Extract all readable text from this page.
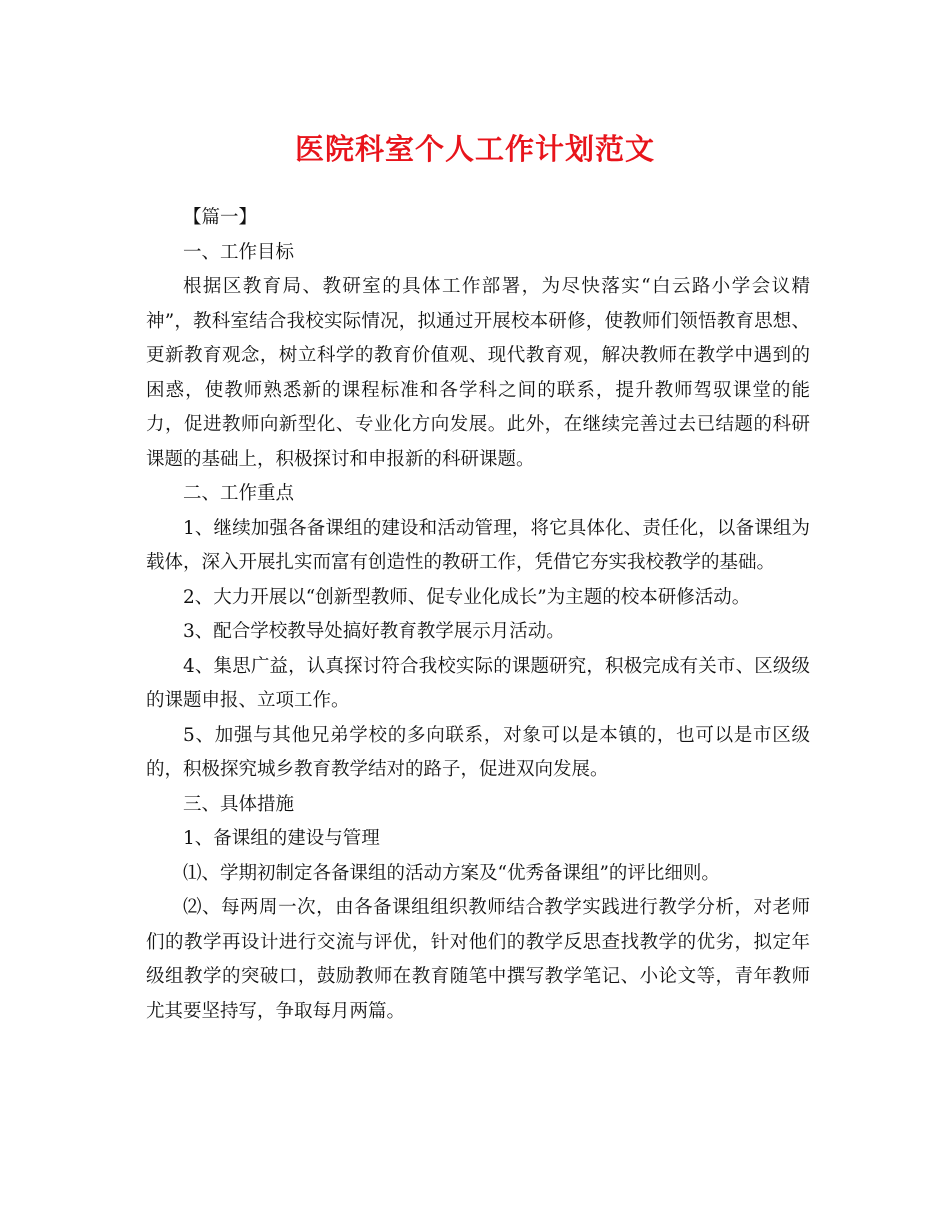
医院科室个人工作计划范文

【篇一】

一、工作目标

根据区教育局、教研室的具体工作部署，为尽快落实“白云路小学会议精神”，教科室结合我校实际情况，拟通过开展校本研修，使教师们领悟教育思想、更新教育观念，树立科学的教育价值观、现代教育观，解决教师在教学中遇到的困惑，使教师熟悉新的课程标准和各学科之间的联系，提升教师驾驭课堂的能力，促进教师向新型化、专业化方向发展。此外，在继续完善过去已结题的科研课题的基础上，积极探讨和申报新的科研课题。

二、工作重点

1、继续加强各备课组的建设和活动管理，将它具体化、责任化，以备课组为载体，深入开展扎实而富有创造性的教研工作，凭借它夯实我校教学的基础。

2、大力开展以“创新型教师、促专业化成长”为主题的校本研修活动。

3、配合学校教导处搞好教育教学展示月活动。

4、集思广益，认真探讨符合我校实际的课题研究，积极完成有关市、区级级的课题申报、立项工作。

5、加强与其他兄弟学校的多向联系，对象可以是本镇的，也可以是市区级的，积极探究城乡教育教学结对的路子，促进双向发展。

三、具体措施

1、备课组的建设与管理

⑴、学期初制定各备课组的活动方案及“优秀备课组”的评比细则。

⑵、每两周一次，由各备课组组织教师结合教学实践进行教学分析，对老师们的教学再设计进行交流与评优，针对他们的教学反思查找教学的优劣，拟定年级组教学的突破口，鼓励教师在教育随笔中撰写教学笔记、小论文等，青年教师尤其要坚持写，争取每月两篇。
